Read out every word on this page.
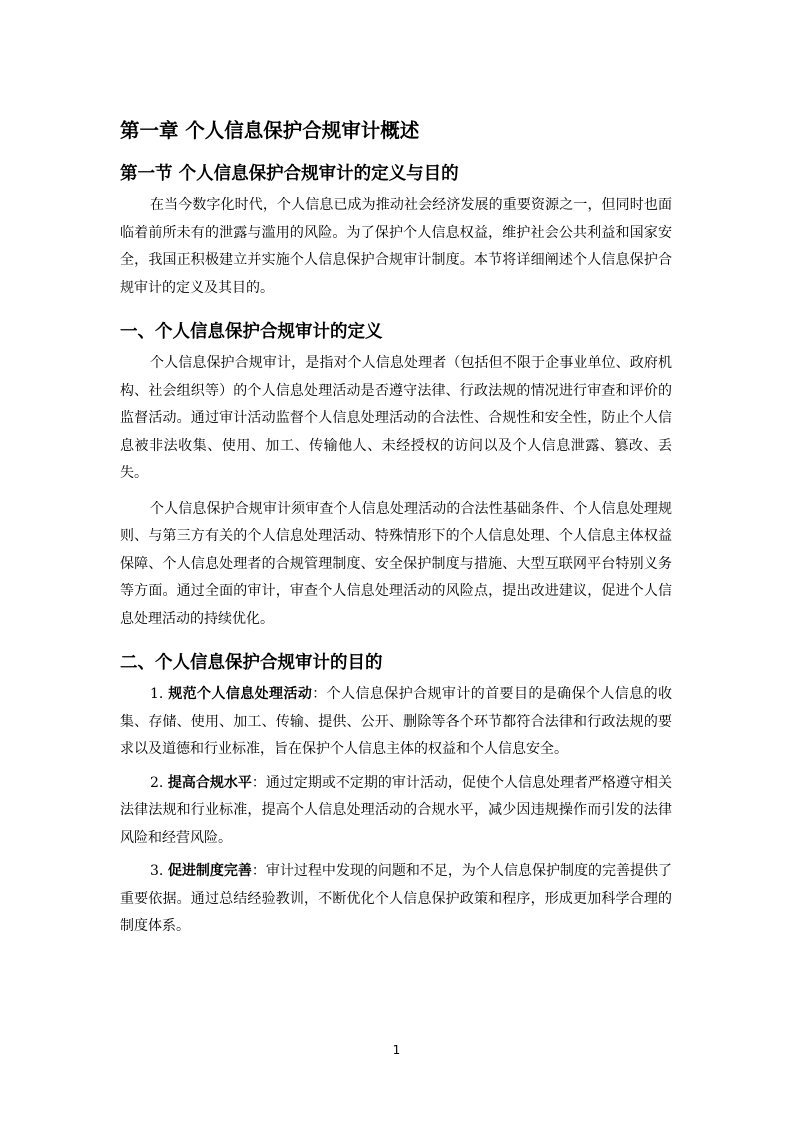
第一章 个人信息保护合规审计概述
第一节 个人信息保护合规审计的定义与目的

在当今数字化时代，个人信息已成为推动社会经济发展的重要资源之一，但同时也面临着前所未有的泄露与滥用的风险。为了保护个人信息权益，维护社会公共利益和国家安全，我国正积极建立并实施个人信息保护合规审计制度。本节将详细阐述个人信息保护合规审计的定义及其目的。

一、个人信息保护合规审计的定义

个人信息保护合规审计，是指对个人信息处理者（包括但不限于企事业单位、政府机构、社会组织等）的个人信息处理活动是否遵守法律、行政法规的情况进行审查和评价的监督活动。通过审计活动监督个人信息处理活动的合法性、合规性和安全性，防止个人信息被非法收集、使用、加工、传输他人、未经授权的访问以及个人信息泄露、篡改、丢失。

个人信息保护合规审计须审查个人信息处理活动的合法性基础条件、个人信息处理规则、与第三方有关的个人信息处理活动、特殊情形下的个人信息处理、个人信息主体权益保障、个人信息处理者的合规管理制度、安全保护制度与措施、大型互联网平台特别义务等方面。通过全面的审计，审查个人信息处理活动的风险点，提出改进建议，促进个人信息处理活动的持续优化。

二、个人信息保护合规审计的目的

1. 规范个人信息处理活动：个人信息保护合规审计的首要目的是确保个人信息的收集、存储、使用、加工、传输、提供、公开、删除等各个环节都符合法律和行政法规的要求以及道德和行业标准，旨在保护个人信息主体的权益和个人信息安全。

2. 提高合规水平：通过定期或不定期的审计活动，促使个人信息处理者严格遵守相关法律法规和行业标准，提高个人信息处理活动的合规水平，减少因违规操作而引发的法律风险和经营风险。

3. 促进制度完善：审计过程中发现的问题和不足，为个人信息保护制度的完善提供了重要依据。通过总结经验教训，不断优化个人信息保护政策和程序，形成更加科学合理的制度体系。

1
